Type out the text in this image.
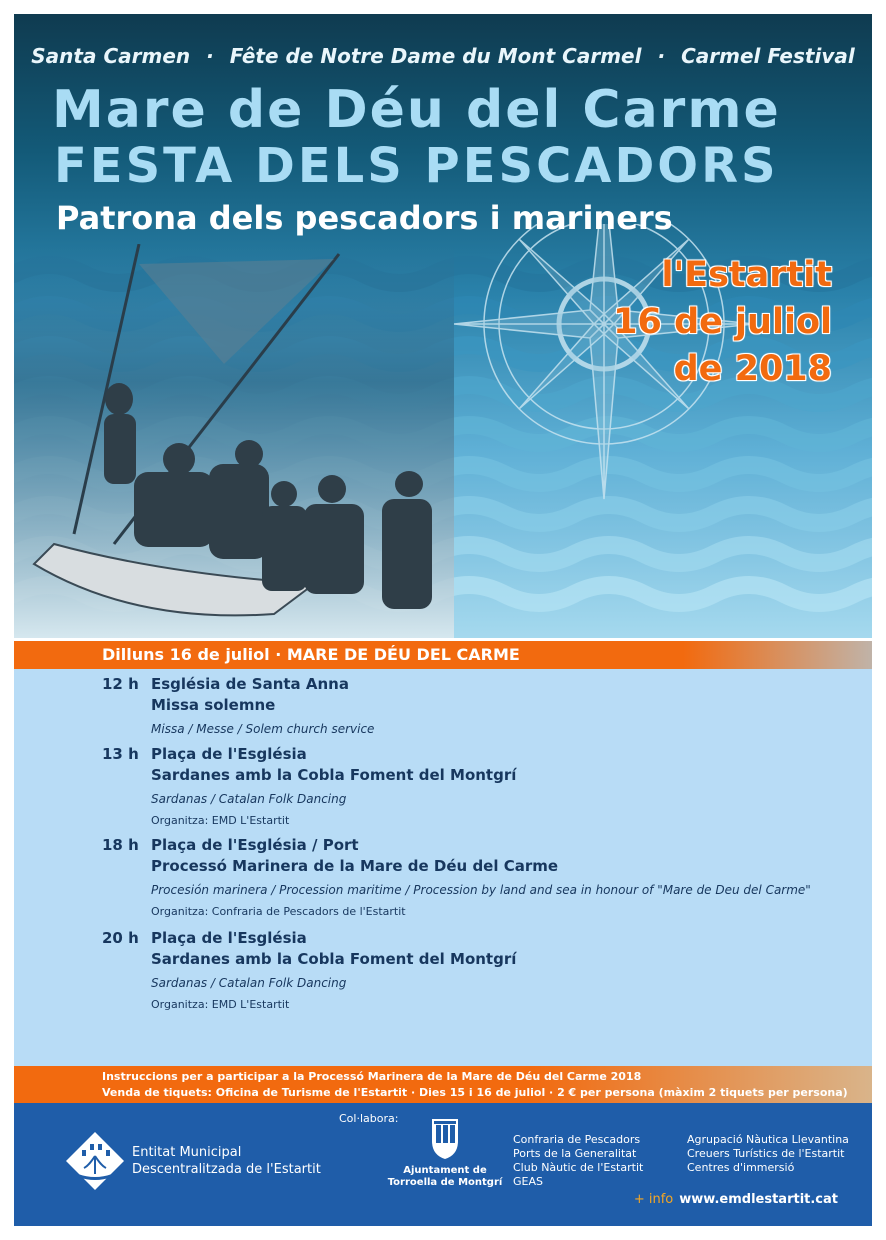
Santa Carmen · Fête de Notre Dame du Mont Carmel · Carmel Festival
Mare de Déu del Carme
FESTA DELS PESCADORS
Patrona dels pescadors i mariners
l'Estartit
16 de juliol
de 2018
Dilluns 16 de juliol · MARE DE DÉU DEL CARME
12 h Església de Santa Anna
Missa solemne
Missa / Messe / Solem church service
13 h Plaça de l'Església
Sardanes amb la Cobla Foment del Montgrí
Sardanas / Catalan Folk Dancing
Organitza: EMD L'Estartit
18 h Plaça de l'Església / Port
Processó Marinera de la Mare de Déu del Carme
Procesión marinera / Procession maritime / Procession by land and sea in honour of "Mare de Deu del Carme"
Organitza: Confraria de Pescadors de l'Estartit
20 h Plaça de l'Església
Sardanes amb la Cobla Foment del Montgrí
Sardanas / Catalan Folk Dancing
Organitza: EMD L'Estartit
Instruccions per a participar a la Processó Marinera de la Mare de Déu del Carme 2018
Venda de tiquets: Oficina de Turisme de l'Estartit · Dies 15 i 16 de juliol · 2 € per persona (màxim 2 tiquets per persona)
Col·labora:
Entitat Municipal
Descentralitzada de l'Estartit	Ajuntament de
Torroella de Montgrí
Confraria de Pescadors
Ports de la Generalitat
Club Nàutic de l'Estartit
GEAS
Agrupació Nàutica Llevantina
Creuers Turístics de l'Estartit
Centres d'immersió
+ info www.emdlestartit.cat
